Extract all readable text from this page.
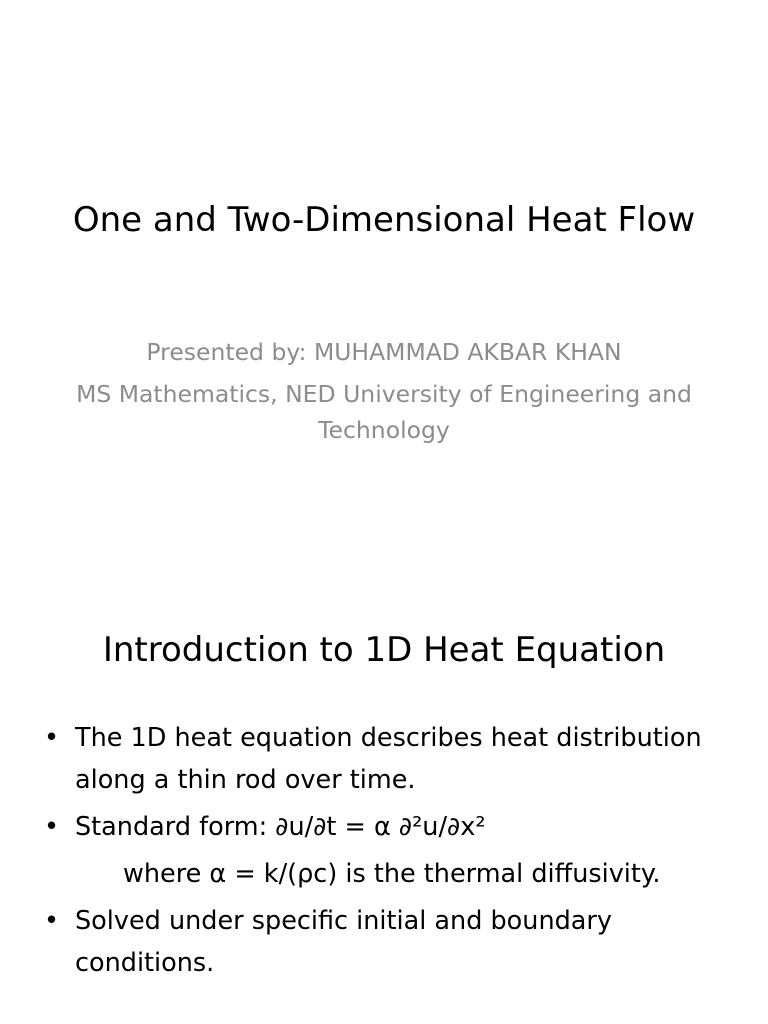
One and Two-Dimensional Heat Flow

Presented by: MUHAMMAD AKBAR KHAN

MS Mathematics, NED University of Engineering and Technology

Introduction to 1D Heat Equation
• The 1D heat equation describes heat distribution along a thin rod over time.
• Standard form: ∂u/∂t = α ∂²u/∂x²
where α = k/(ρc) is the thermal diffusivity.
• Solved under specific initial and boundary conditions.
